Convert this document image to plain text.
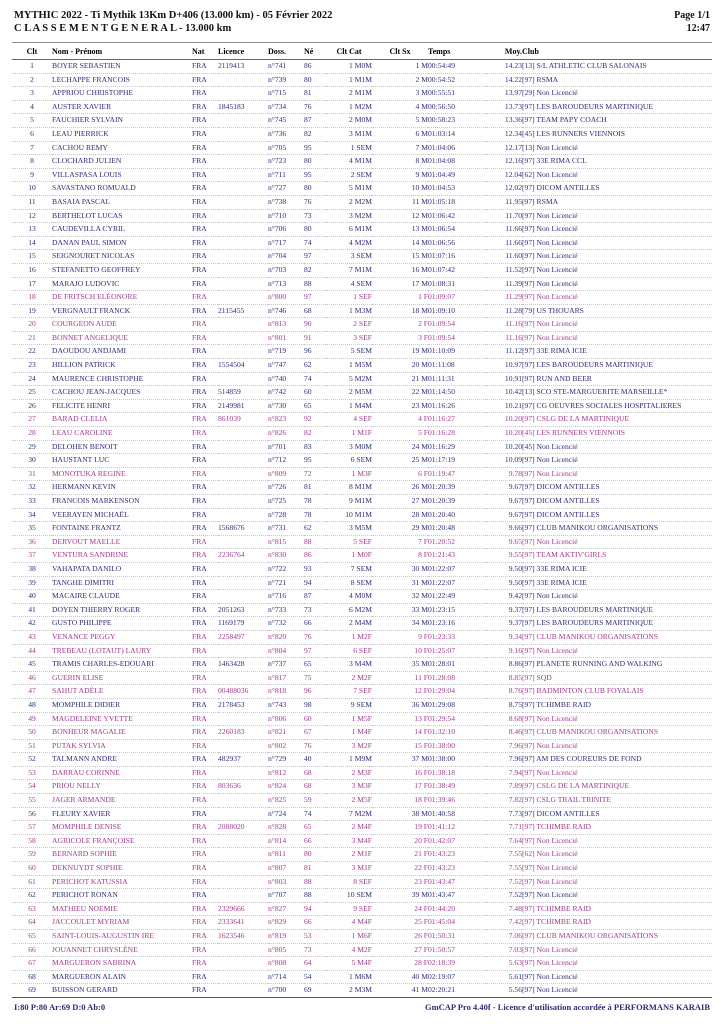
MYTHIC 2022 - Ti Mythik 13Km D+406 (13.000 km) - 05 Février 2022
C L A S S E M E N T G E N E R A L - 13.000 km
Page 1/1
12:47
Clt	Nom - Prénom	Nat	Licence	Doss.	Né	Clt Cat	Clt Sx	Temps	Moy.	Club
1	BOYER SEBASTIEN	FRA	2119413	n°741	86	1 M0M	1 M	00:54:49	14.23	[13] S/L ATHLETIC CLUB SALONAIS
2	LECHAPPE FRANCOIS	FRA		n°739	80	1 M1M	2 M	00:54:52	14.22	[97] RSMA
3	APPRIOU CHRISTOPHE	FRA		n°715	81	2 M1M	3 M	00:55:51	13.97	[29] Non Licencié
4	AUSTER XAVIER	FRA	1845183	n°734	76	1 M2M	4 M	00:56:50	13.73	[97] LES BAROUDEURS MARTINIQUE
5	FAUCHIER SYLVAIN	FRA		n°745	87	2 M0M	5 M	00:58:23	13.36	[97] TEAM PAPY COACH
6	LEAU PIERRICK	FRA		n°736	82	3 M1M	6 M	01:03:14	12.34	[45] LES RUNNERS VIENNOIS
7	CACHOU REMY	FRA		n°705	95	1 SEM	7 M	01:04:06	12.17	[13] Non Licencié
8	CLOCHARD JULIEN	FRA		n°723	80	4 M1M	8 M	01:04:08	12.16	[97] 33E RIMA CCL
9	VILLASPASA LOUIS	FRA		n°711	95	2 SEM	9 M	01:04:49	12.04	[62] Non Licencié
10	SAVASTANO ROMUALD	FRA		n°727	80	5 M1M	10 M	01:04:53	12.02	[97] DICOM ANTILLES
11	BASAIA PASCAL	FRA		n°738	76	2 M2M	11 M	01:05:18	11.95	[97] RSMA
12	BERTHELOT LUCAS	FRA		n°710	73	3 M2M	12 M	01:06:42	11.70	[97] Non Licencié
13	CAUDEVILLA CYRIL	FRA		n°706	80	6 M1M	13 M	01:06:54	11.66	[97] Non Licencié
14	DANAN PAUL SIMON	FRA		n°717	74	4 M2M	14 M	01:06:56	11.66	[97] Non Licencié
15	SEIGNOURET NICOLAS	FRA		n°704	97	3 SEM	15 M	01:07:16	11.60	[97] Non Licencié
16	STEFANETTO GEOFFREY	FRA		n°703	82	7 M1M	16 M	01:07:42	11.52	[97] Non Licencié
17	MARAJO LUDOVIC	FRA		n°713	88	4 SEM	17 M	01:08:31	11.39	[97] Non Licencié
18	DE FRITSCH ELÉONORE	FRA		n°800	97	1 SEF	1 F	01:09:07	11.29	[97] Non Licencié
19	VERGNAULT FRANCK	FRA	2115455	n°746	68	1 M3M	18 M	01:09:10	11.28	[79] US THOUARS
20	COURGEON AUDE	FRA		n°813	90	2 SEF	2 F	01:09:54	11.16	[97] Non Licencié
21	BONNET ANGELIQUE	FRA		n°801	91	3 SEF	3 F	01:09:54	11.16	[97] Non Licencié
22	DAOUDOU ANDJAMI	FRA		n°719	96	5 SEM	19 M	01:10:09	11.12	[97] 33E RIMA ICIE
23	HILLION PATRICK	FRA	1554504	n°747	62	1 M5M	20 M	01:11:08	10.97	[97] LES BAROUDEURS MARTINIQUE
24	MAURENCE CHRISTOPHE	FRA		n°740	74	5 M2M	21 M	01:11:31	10.91	[97] RUN AND BEER
25	CACHOU JEAN-JACQUES	FRA	514859	n°742	60	2 M5M	22 M	01:14:50	10.42	[13] SCO STE-MARGUERITE MARSEILLE*
26	FELICITE HENRI	FRA	2149981	n°730	65	1 M4M	23 M	01:16:26	10.21	[97] CG OEUVRES SOCIALES HOSPITALIERES
27	BARAD CLELIA	FRA	861039	n°823	92	4 SEF	4 F	01:16:27	10.20	[97] CSLG DE LA MARTINIQUE
28	LEAU CAROLINE	FRA		n°826	82	1 M1F	5 F	01:16:28	10.20	[45] LES RUNNERS VIENNOIS
29	DELOHEN BENOIT	FRA		n°701	83	3 M0M	24 M	01:16:29	10.20	[45] Non Licencié
30	HAUSTANT LUC	FRA		n°712	95	6 SEM	25 M	01:17:19	10.09	[97] Non Licencié
31	MONOTUKA REGINE	FRA		n°809	72	1 M3F	6 F	01:19:47	9.78	[97] Non Licencié
32	HERMANN KEVIN	FRA		n°726	81	8 M1M	26 M	01:20:39	9.67	[97] DICOM ANTILLES
33	FRANCOIS MARKENSON	FRA		n°725	78	9 M1M	27 M	01:20:39	9.67	[97] DICOM ANTILLES
34	VEERAYEN MICHAËL	FRA		n°728	78	10 M1M	28 M	01:20:40	9.67	[97] DICOM ANTILLES
35	FONTAINE FRANTZ	FRA	1568676	n°731	62	3 M5M	29 M	01:20:48	9.66	[97] CLUB MANIKOU ORGANISATIONS
36	DERVOUT MAELLE	FRA		n°815	88	5 SEF	7 F	01:20:52	9.65	[97] Non Licencié
37	VENTURA SANDRINE	FRA	2236764	n°830	86	1 M0F	8 F	01:21:43	9.55	[97] TEAM AKTIV'GIRLS
38	VAHAPATA DANILO	FRA		n°722	93	7 SEM	30 M	01:22:07	9.50	[97] 33E RIMA ICIE
39	TANGHE DIMITRI	FRA		n°721	94	8 SEM	31 M	01:22:07	9.50	[97] 33E RIMA ICIE
40	MACAIRE CLAUDE	FRA		n°716	87	4 M0M	32 M	01:22:49	9.42	[97] Non Licencié
41	DOYEN THIERRY ROGER	FRA	2051263	n°733	73	6 M2M	33 M	01:23:15	9.37	[97] LES BAROUDEURS MARTINIQUE
42	GUSTO PHILIPPE	FRA	1169179	n°732	66	2 M4M	34 M	01:23:16	9.37	[97] LES BAROUDEURS MARTINIQUE
43	VENANCE PEGGY	FRA	2258497	n°820	76	1 M2F	9 F	01:23:33	9.34	[97] CLUB MANIKOU ORGANISATIONS
44	TREBEAU (LOTAUT) LAURY	FRA		n°804	97	6 SEF	10 F	01:25:07	9.16	[97] Non Licencié
45	TRAMIS CHARLES-EDOUARI	FRA	1463428	n°737	65	3 M4M	35 M	01:28:01	8.86	[97] PLANETE RUNNING AND WALKING
46	GUERIN ELISE	FRA		n°817	75	2 M2F	11 F	01:28:08	8.85	[97] SQD
47	SAHUT ADÈLE	FRA	00488036	n°818	96	7 SEF	12 F	01:29:04	8.76	[97] BADMINTON CLUB FOYALAIS
48	MOMPHILE DIDIER	FRA	2178453	n°743	98	9 SEM	36 M	01:29:08	8.75	[97] TCHIMBE RAID
49	MAGDELEINE YVETTE	FRA		n°806	60	1 M5F	13 F	01:29:54	8.68	[97] Non Licencié
50	BONHEUR MAGALIE	FRA	2260183	n°821	67	1 M4F	14 F	01:32:10	8.46	[97] CLUB MANIKOU ORGANISATIONS
51	PUTAK SYLVIA	FRA		n°802	76	3 M2F	15 F	01:38:00	7.96	[97] Non Licencié
52	TALMANN ANDRE	FRA	482937	n°729	40	1 M9M	37 M	01:38:00	7.96	[97] AM DES COUREURS DE FOND
53	DARRAU CORINNE	FRA		n°812	68	2 M3F	16 F	01:38:18	7.94	[97] Non Licencié
54	PRIOU NELLY	FRA	803636	n°824	68	3 M3F	17 F	01:38:49	7.89	[97] CSLG DE LA MARTINIQUE
55	JAGER ARMANDE	FRA		n°825	59	2 M5F	18 F	01:39:46	7.82	[97] CSLG TRAIL TRINITE
56	FLEURY XAVIER	FRA		n°724	74	7 M2M	38 M	01:40:58	7.73	[97] DICOM ANTILLES
57	MOMPHILE DENISE	FRA	2088020	n°828	65	2 M4F	19 F	01:41:12	7.71	[97] TCHIMBE RAID
58	AGRICOLE FRANÇOISE	FRA		n°814	66	3 M4F	20 F	01:42:07	7.64	[97] Non Licencié
59	BERNARD SOPHIE	FRA		n°811	80	2 M1F	21 F	01:43:23	7.55	[62] Non Licencié
60	DEKNUYDT SOPHIE	FRA		n°807	81	3 M1F	22 F	01:43:23	7.55	[97] Non Licencié
61	PERICHOT KATUSSIA	FRA		n°803	88	8 SEF	23 F	01:43:47	7.52	[97] Non Licencié
62	PERICHOT RONAN	FRA		n°707	88	10 SEM	39 M	01:43:47	7.52	[97] Non Licencié
63	MATHIEU NOEMIE	FRA	2329666	n°827	94	9 SEF	24 F	01:44:20	7.48	[97] TCHIMBE RAID
64	JACCOULET MYRIAM	FRA	2333641	n°829	66	4 M4F	25 F	01:45:04	7.42	[97] TCHIMBE RAID
65	SAINT-LOUIS-AUGUSTIN IRE	FRA	1623546	n°819	53	1 M6F	26 F	01:50:31	7.06	[97] CLUB MANIKOU ORGANISATIONS
66	JOUANNET CHRYSLÈNE	FRA		n°805	73	4 M2F	27 F	01:50:57	7.03	[97] Non Licencié
67	MARGUERON SABRINA	FRA		n°808	64	5 M4F	28 F	02:18:39	5.63	[97] Non Licencié
68	MARGUERON ALAIN	FRA		n°714	54	1 M6M	40 M	02:19:07	5.61	[97] Non Licencié
69	BUISSON GERARD	FRA		n°700	69	2 M3M	41 M	02:20:21	5.56	[97] Non Licencié
I:80 P:80 Ar:69 D:0 Ab:0	GmCAP Pro 4.40f - Licence d'utilisation accordée à PERFORMANS KARAIB
